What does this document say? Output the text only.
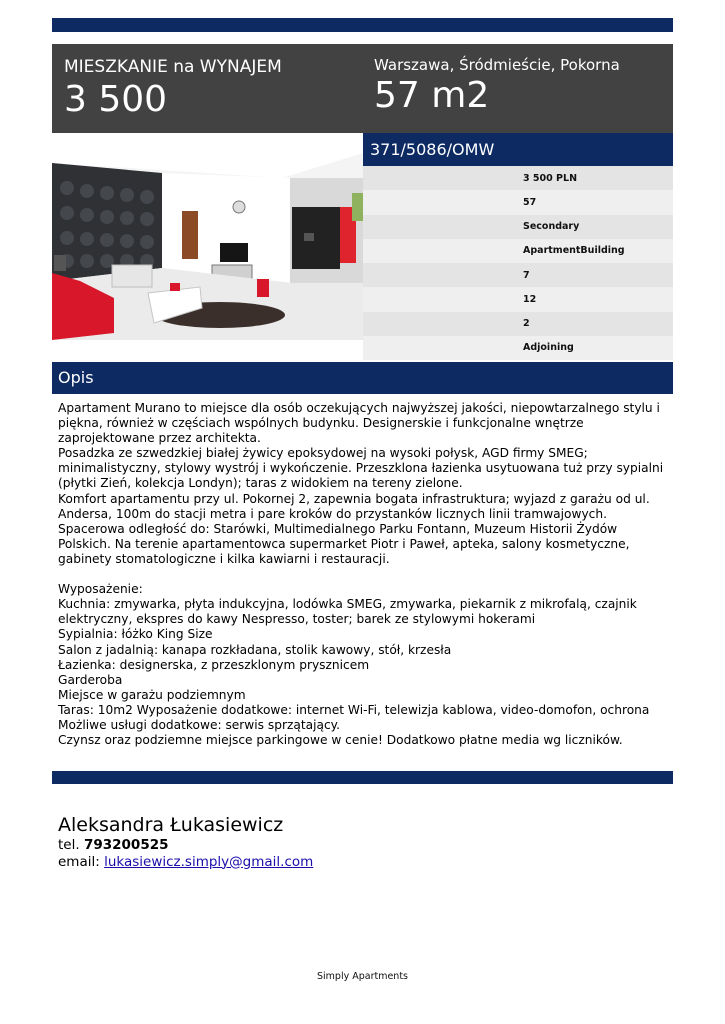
MIESZKANIE na WYNAJEM
3 500
Warszawa, Śródmieście, Pokorna
57 m2
371/5086/OMW
3 500 PLN
57
Secondary
ApartmentBuilding
7
12
2
Adjoining
Opis
Apartament Murano to miejsce dla osób oczekujących najwyższej jakości, niepowtarzalnego stylu i piękna, również w częściach wspólnych budynku. Designerskie i funkcjonalne wnętrze zaprojektowane przez architekta.
Posadzka ze szwedzkiej białej żywicy epoksydowej na wysoki połysk, AGD firmy SMEG; minimalistyczny, stylowy wystrój i wykończenie. Przeszklona łazienka usytuowana tuż przy sypialni (płytki Zień, kolekcja Londyn); taras z widokiem na tereny zielone.
Komfort apartamentu przy ul. Pokornej 2, zapewnia bogata infrastruktura; wyjazd z garażu od ul. Andersa, 100m do stacji metra i pare kroków do przystanków licznych linii tramwajowych. Spacerowa odległość do: Starówki, Multimedialnego Parku Fontann, Muzeum Historii Żydów Polskich. Na terenie apartamentowca supermarket Piotr i Paweł, apteka, salony kosmetyczne, gabinety stomatologiczne i kilka kawiarni i restauracji.

Wyposażenie:
Kuchnia: zmywarka, płyta indukcyjna, lodówka SMEG, zmywarka, piekarnik z mikrofalą, czajnik elektryczny, ekspres do kawy Nespresso, toster; barek ze stylowymi hokerami
Sypialnia: łóżko King Size
Salon z jadalnią: kanapa rozkładana, stolik kawowy, stół, krzesła
Łazienka: designerska, z przeszklonym prysznicem
Garderoba
Miejsce w garażu podziemnym
Taras: 10m2 Wyposażenie dodatkowe: internet Wi-Fi, telewizja kablowa, video-domofon, ochrona
Możliwe usługi dodatkowe: serwis sprzątający.
Czynsz oraz podziemne miejsce parkingowe w cenie! Dodatkowo płatne media wg liczników.
Aleksandra Łukasiewicz
tel. 793200525
email: lukasiewicz.simply@gmail.com
Simply Apartments
